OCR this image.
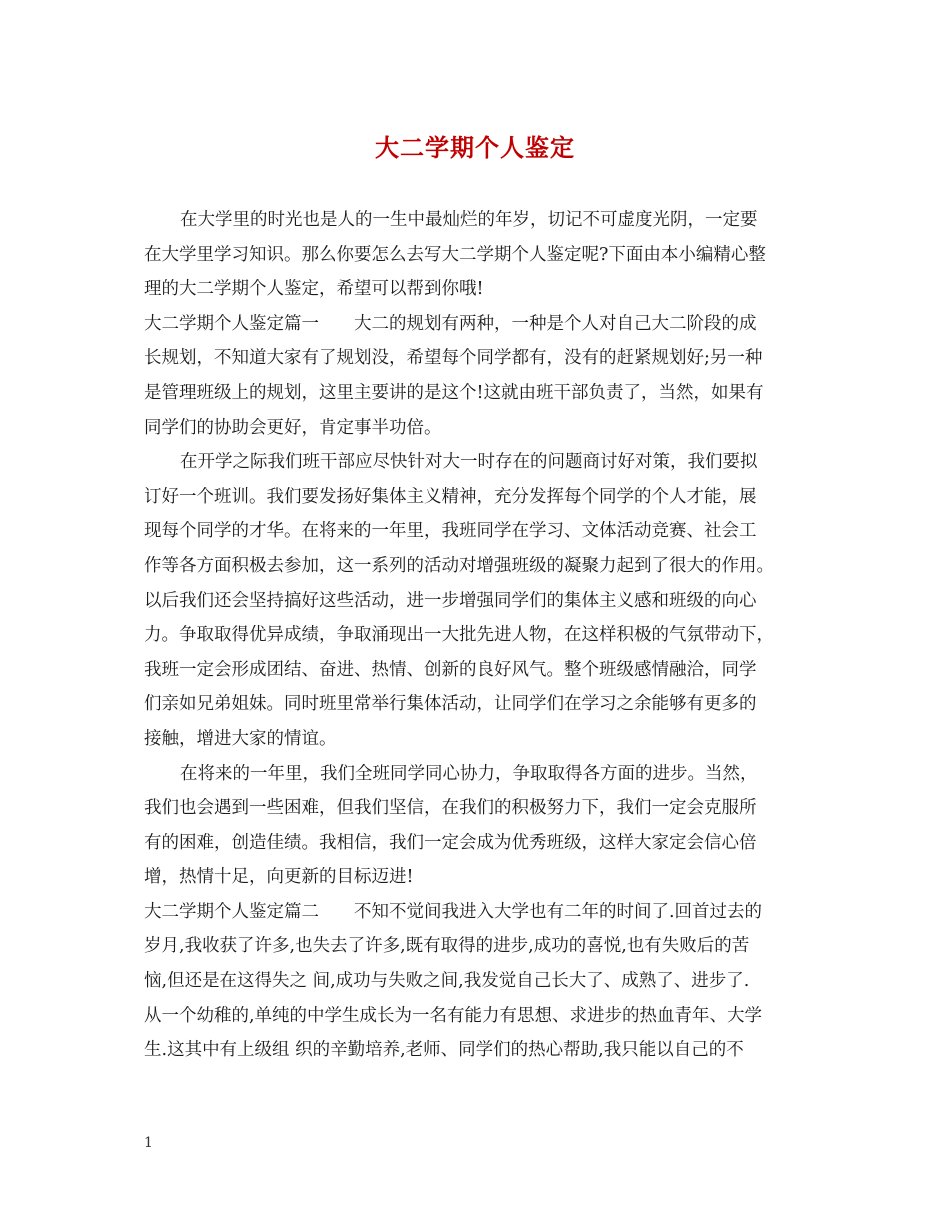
大二学期个人鉴定
在大学里的时光也是人的一生中最灿烂的年岁，切记不可虚度光阴，一定要
在大学里学习知识。那么你要怎么去写大二学期个人鉴定呢?下面由本小编精心整
理的大二学期个人鉴定，希望可以帮到你哦!
大二学期个人鉴定篇一　　大二的规划有两种，一种是个人对自己大二阶段的成
长规划，不知道大家有了规划没，希望每个同学都有，没有的赶紧规划好;另一种
是管理班级上的规划，这里主要讲的是这个!这就由班干部负责了，当然，如果有
同学们的协助会更好，肯定事半功倍。
在开学之际我们班干部应尽快针对大一时存在的问题商讨好对策，我们要拟
订好一个班训。我们要发扬好集体主义精神，充分发挥每个同学的个人才能，展
现每个同学的才华。在将来的一年里，我班同学在学习、文体活动竞赛、社会工
作等各方面积极去参加，这一系列的活动对增强班级的凝聚力起到了很大的作用。
以后我们还会坚持搞好这些活动，进一步增强同学们的集体主义感和班级的向心
力。争取取得优异成绩，争取涌现出一大批先进人物，在这样积极的气氛带动下，
我班一定会形成团结、奋进、热情、创新的良好风气。整个班级感情融洽，同学
们亲如兄弟姐妹。同时班里常举行集体活动，让同学们在学习之余能够有更多的
接触，增进大家的情谊。
在将来的一年里，我们全班同学同心协力，争取取得各方面的进步。当然，
我们也会遇到一些困难，但我们坚信，在我们的积极努力下，我们一定会克服所
有的困难，创造佳绩。我相信，我们一定会成为优秀班级，这样大家定会信心倍
增，热情十足，向更新的目标迈进!
大二学期个人鉴定篇二　　不知不觉间我进入大学也有二年的时间了.回首过去的
岁月,我收获了许多,也失去了许多,既有取得的进步,成功的喜悦,也有失败后的苦
恼,但还是在这得失之 间,成功与失败之间,我发觉自己长大了、成熟了、进步了.
从一个幼稚的,单纯的中学生成长为一名有能力有思想、求进步的热血青年、大学
生.这其中有上级组 织的辛勤培养,老师、同学们的热心帮助,我只能以自己的不
1
